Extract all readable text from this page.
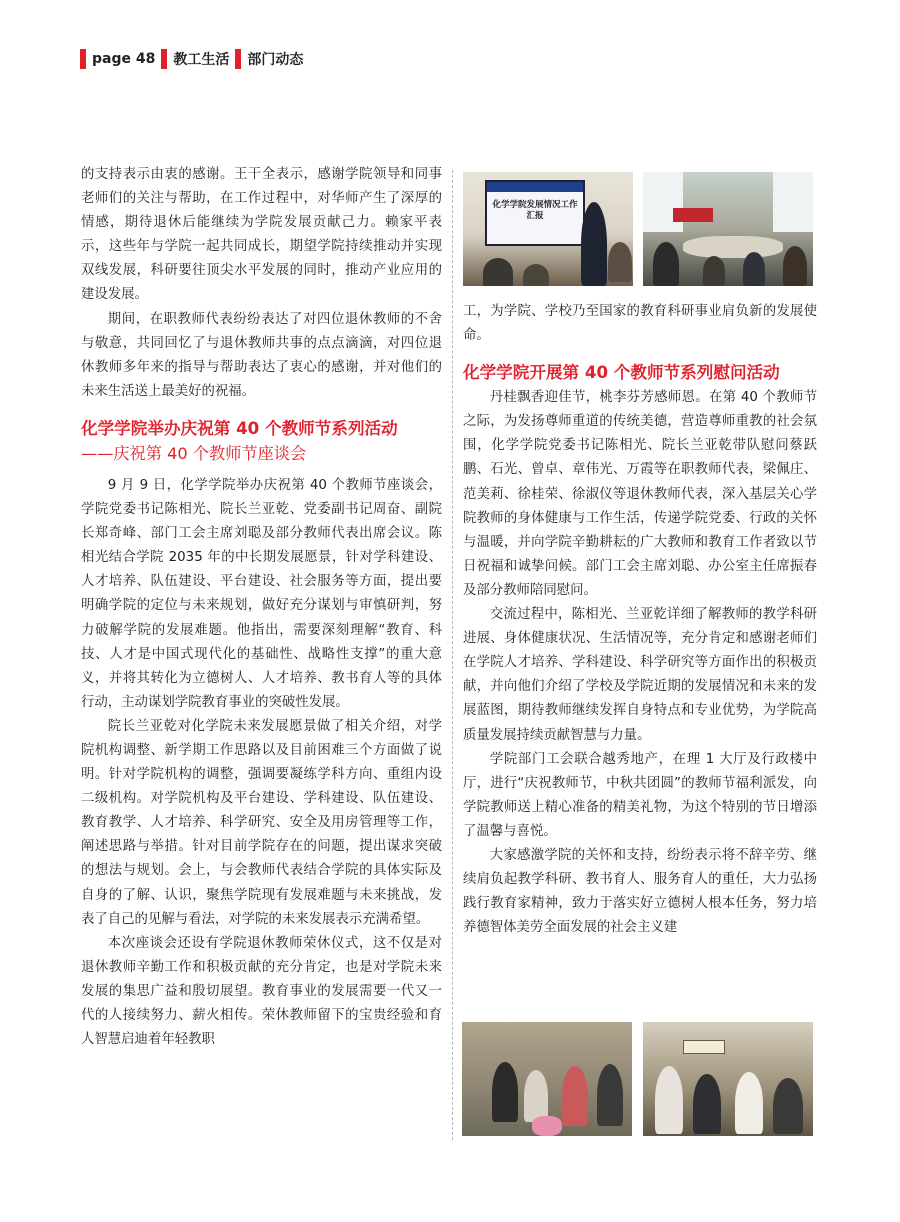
page 48 教工生活 部门动态

的支持表示由衷的感谢。王干全表示，感谢学院领导和同事老师们的关注与帮助，在工作过程中，对华师产生了深厚的情感，期待退休后能继续为学院发展贡献己力。赖家平表示，这些年与学院一起共同成长，期望学院持续推动并实现双线发展，科研要往顶尖水平发展的同时，推动产业应用的建设发展。

期间，在职教师代表纷纷表达了对四位退休教师的不舍与敬意，共同回忆了与退休教师共事的点点滴滴，对四位退休教师多年来的指导与帮助表达了衷心的感谢，并对他们的未来生活送上最美好的祝福。

化学学院举办庆祝第 40 个教师节系列活动

——庆祝第 40 个教师节座谈会

9 月 9 日，化学学院举办庆祝第 40 个教师节座谈会，学院党委书记陈相光、院长兰亚乾、党委副书记周奋、副院长郑奇峰、部门工会主席刘聪及部分教师代表出席会议。陈相光结合学院 2035 年的中长期发展愿景，针对学科建设、人才培养、队伍建设、平台建设、社会服务等方面，提出要明确学院的定位与未来规划，做好充分谋划与审慎研判，努力破解学院的发展难题。他指出，需要深刻理解“教育、科技、人才是中国式现代化的基础性、战略性支撑”的重大意义，并将其转化为立德树人、人才培养、教书育人等的具体行动，主动谋划学院教育事业的突破性发展。

院长兰亚乾对化学院未来发展愿景做了相关介绍，对学院机构调整、新学期工作思路以及目前困难三个方面做了说明。针对学院机构的调整，强调要凝练学科方向、重组内设二级机构。对学院机构及平台建设、学科建设、队伍建设、教育教学、人才培养、科学研究、安全及用房管理等工作，阐述思路与举措。针对目前学院存在的问题，提出谋求突破的想法与规划。会上，与会教师代表结合学院的具体实际及自身的了解、认识，聚焦学院现有发展难题与未来挑战，发表了自己的见解与看法，对学院的未来发展表示充满希望。

本次座谈会还设有学院退休教师荣休仪式，这不仅是对退休教师辛勤工作和积极贡献的充分肯定，也是对学院未来发展的集思广益和殷切展望。教育事业的发展需要一代又一代的人接续努力、薪火相传。荣休教师留下的宝贵经验和育人智慧启迪着年轻教职

化学学院发展情况工作汇报

工，为学院、学校乃至国家的教育科研事业肩负新的发展使命。

化学学院开展第 40 个教师节系列慰问活动

丹桂飘香迎佳节，桃李芬芳感师恩。在第 40 个教师节之际，为发扬尊师重道的传统美德，营造尊师重教的社会氛围，化学学院党委书记陈相光、院长兰亚乾带队慰问蔡跃鹏、石光、曾卓、章伟光、万霞等在职教师代表，梁佩庄、范美莉、徐桂荣、徐淑仪等退休教师代表，深入基层关心学院教师的身体健康与工作生活，传递学院党委、行政的关怀与温暖，并向学院辛勤耕耘的广大教师和教育工作者致以节日祝福和诚挚问候。部门工会主席刘聪、办公室主任席振春及部分教师陪同慰问。

交流过程中，陈相光、兰亚乾详细了解教师的教学科研进展、身体健康状况、生活情况等，充分肯定和感谢老师们在学院人才培养、学科建设、科学研究等方面作出的积极贡献，并向他们介绍了学校及学院近期的发展情况和未来的发展蓝图，期待教师继续发挥自身特点和专业优势，为学院高质量发展持续贡献智慧与力量。

学院部门工会联合越秀地产，在理 1 大厅及行政楼中厅，进行“庆祝教师节，中秋共团圆”的教师节福利派发，向学院教师送上精心准备的精美礼物，为这个特别的节日增添了温馨与喜悦。

大家感激学院的关怀和支持，纷纷表示将不辞辛劳、继续肩负起教学科研、教书育人、服务育人的重任，大力弘扬践行教育家精神，致力于落实好立德树人根本任务，努力培养德智体美劳全面发展的社会主义建
